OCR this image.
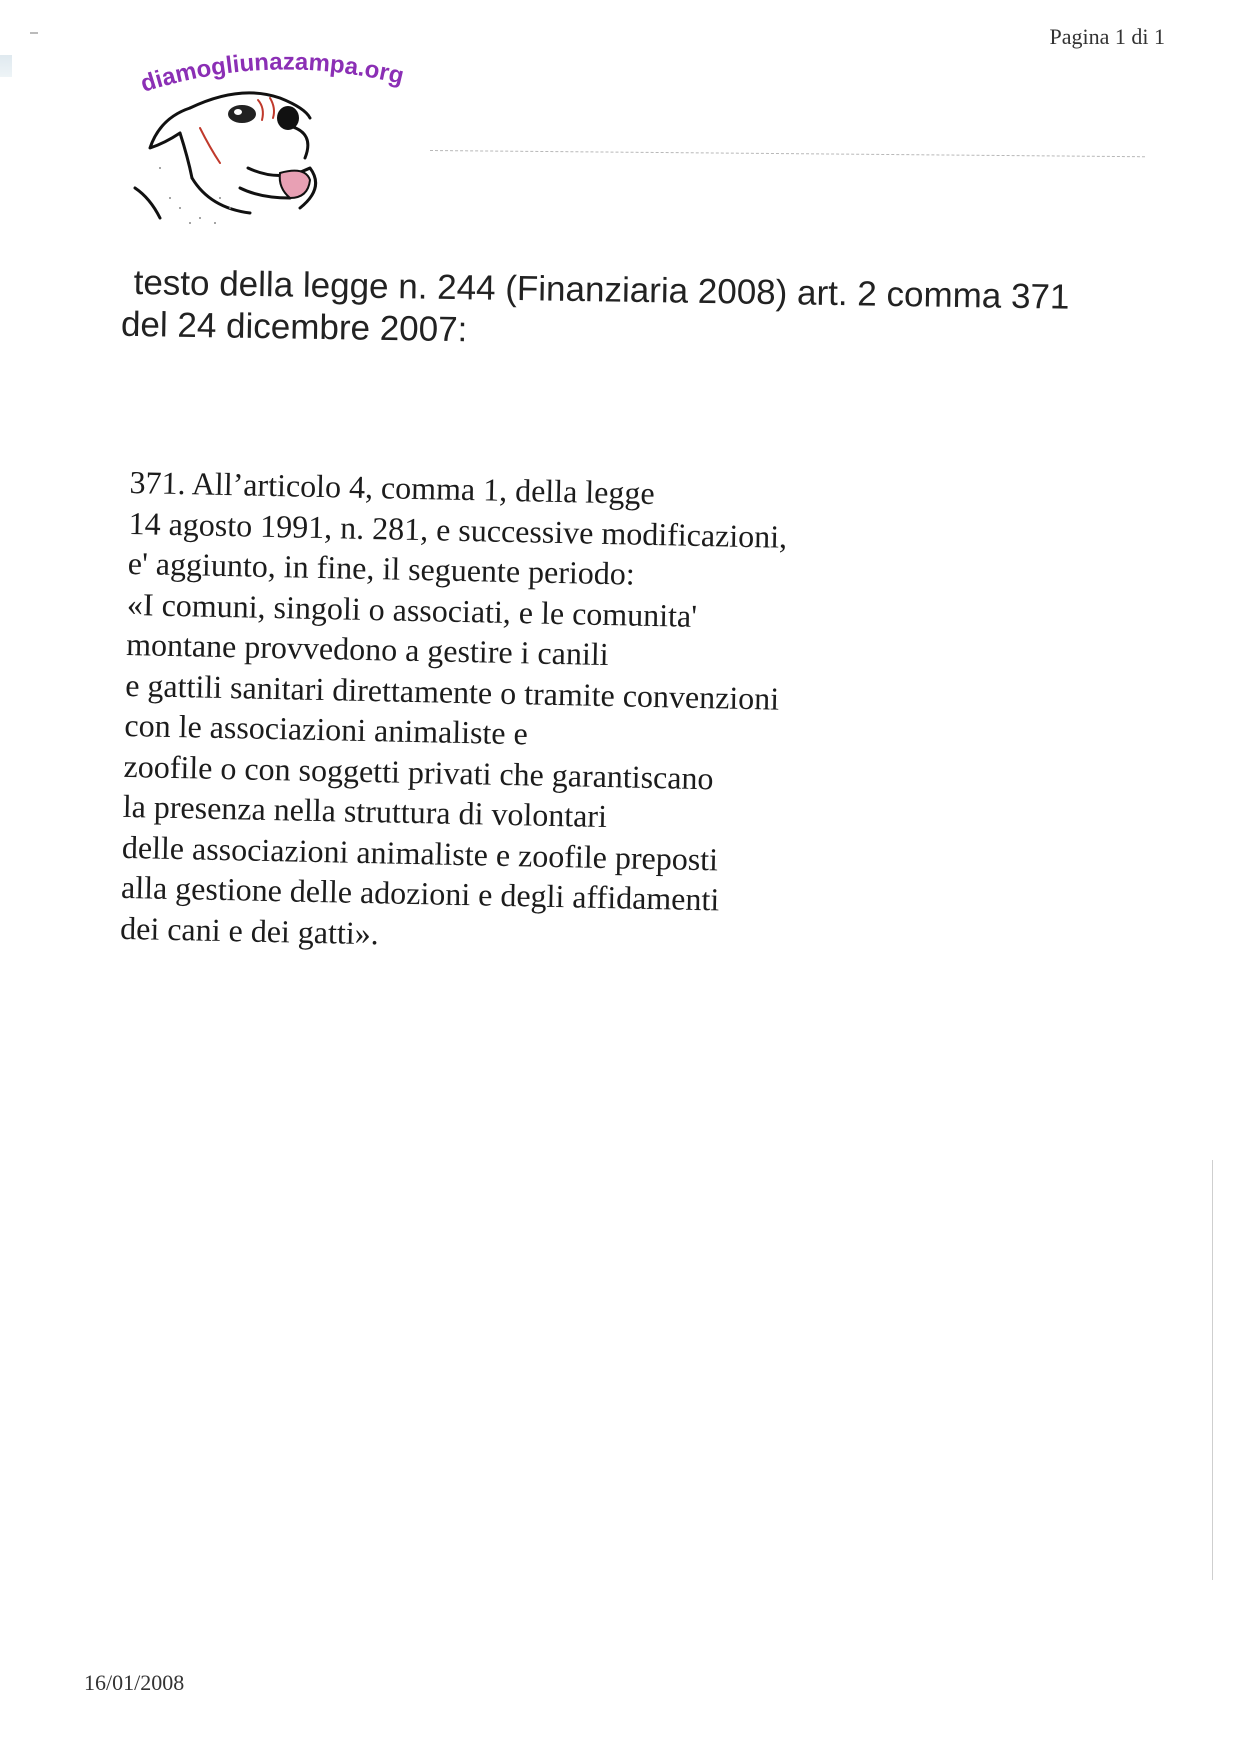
Pagina 1 di 1
diamogliunazampa.org
testo della legge n. 244 (Finanziaria 2008) art. 2 comma 371
del 24 dicembre 2007:
371. All’articolo 4, comma 1, della legge
14 agosto 1991, n. 281, e successive modificazioni,
e' aggiunto, in fine, il seguente periodo:
«I comuni, singoli o associati, e le comunita'
montane provvedono a gestire i canili
e gattili sanitari direttamente o tramite convenzioni
con le associazioni animaliste e
zoofile o con soggetti privati che garantiscano
la presenza nella struttura di volontari
delle associazioni animaliste e zoofile preposti
alla gestione delle adozioni e degli affidamenti
dei cani e dei gatti».
16/01/2008
